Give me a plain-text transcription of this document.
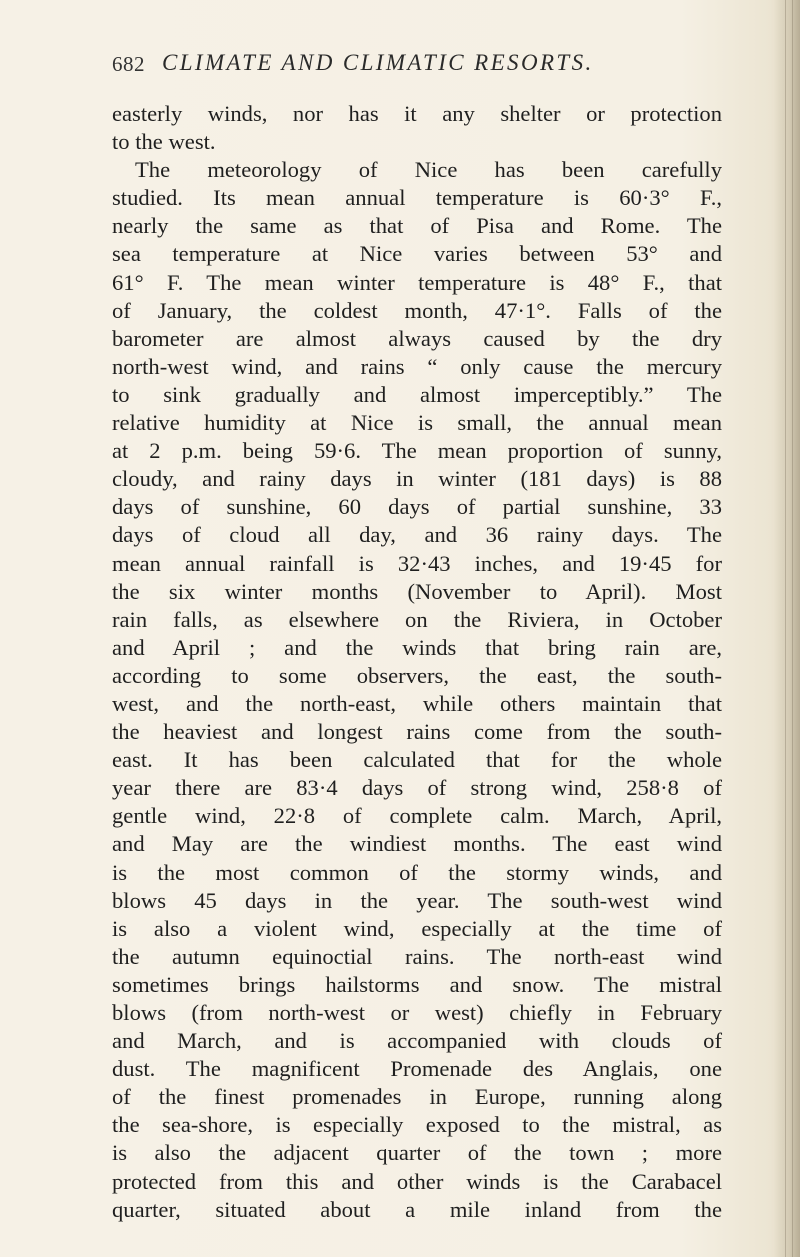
682 CLIMATE AND CLIMATIC RESORTS.
easterly winds, nor has it any shelter or protection
to the west.
The meteorology of Nice has been carefully
studied. Its mean annual temperature is 60·3° F.,
nearly the same as that of Pisa and Rome. The
sea temperature at Nice varies between 53° and
61° F. The mean winter temperature is 48° F., that
of January, the coldest month, 47·1°. Falls of the
barometer are almost always caused by the dry
north-west wind, and rains “ only cause the mercury
to sink gradually and almost imperceptibly.” The
relative humidity at Nice is small, the annual mean
at 2 p.m. being 59·6. The mean proportion of sunny,
cloudy, and rainy days in winter (181 days) is 88
days of sunshine, 60 days of partial sunshine, 33
days of cloud all day, and 36 rainy days. The
mean annual rainfall is 32·43 inches, and 19·45 for
the six winter months (November to April). Most
rain falls, as elsewhere on the Riviera, in October
and April ; and the winds that bring rain are,
according to some observers, the east, the south-
west, and the north-east, while others maintain that
the heaviest and longest rains come from the south-
east. It has been calculated that for the whole
year there are 83·4 days of strong wind, 258·8 of
gentle wind, 22·8 of complete calm. March, April,
and May are the windiest months. The east wind
is the most common of the stormy winds, and
blows 45 days in the year. The south-west wind
is also a violent wind, especially at the time of
the autumn equinoctial rains. The north-east wind
sometimes brings hailstorms and snow. The mistral
blows (from north-west or west) chiefly in February
and March, and is accompanied with clouds of
dust. The magnificent Promenade des Anglais, one
of the finest promenades in Europe, running along
the sea-shore, is especially exposed to the mistral, as
is also the adjacent quarter of the town ; more
protected from this and other winds is the Carabacel
quarter, situated about a mile inland from the
